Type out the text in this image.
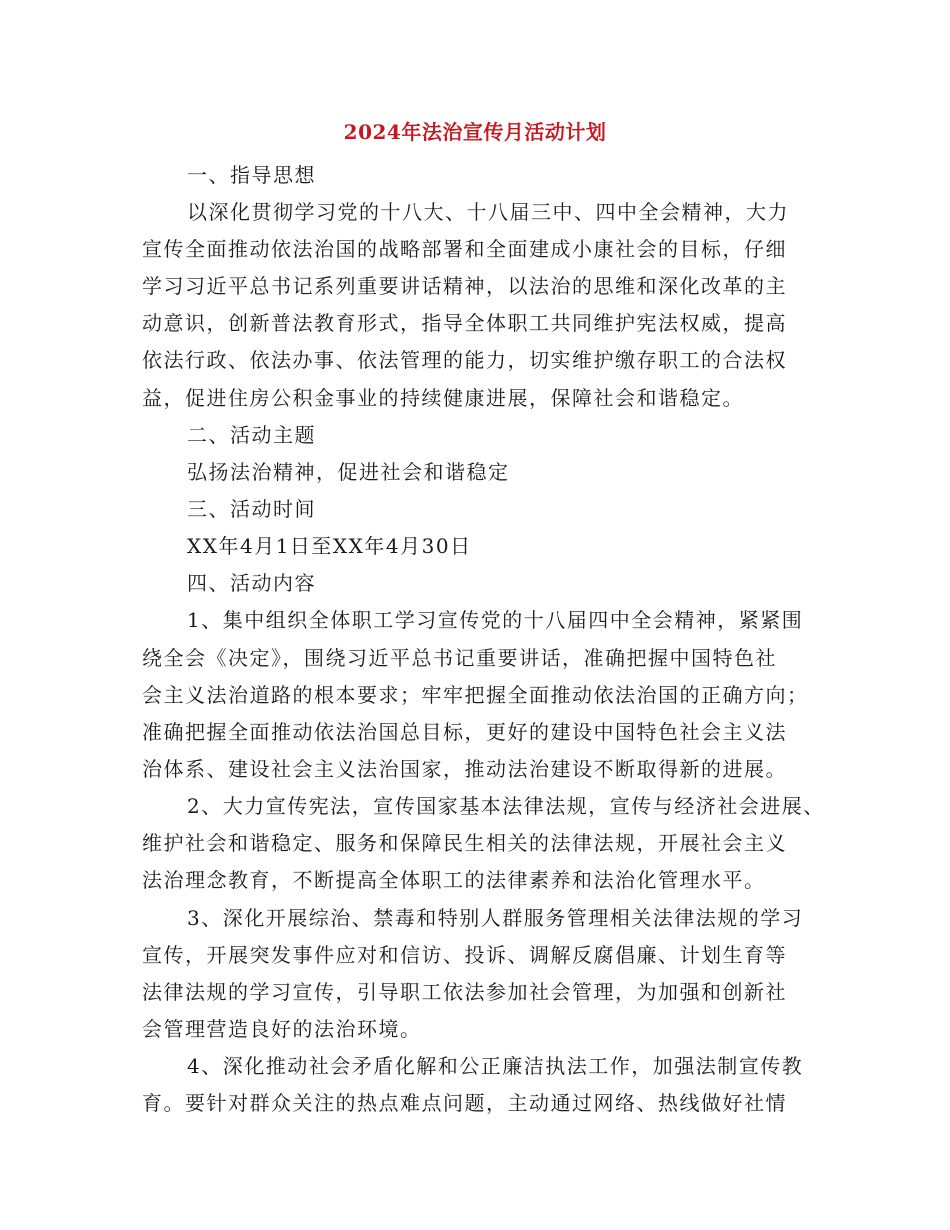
2024年法治宣传月活动计划
一、指导思想
以深化贯彻学习党的十八大、十八届三中、四中全会精神，大力
宣传全面推动依法治国的战略部署和全面建成小康社会的目标，仔细
学习习近平总书记系列重要讲话精神，以法治的思维和深化改革的主
动意识，创新普法教育形式，指导全体职工共同维护宪法权威，提高
依法行政、依法办事、依法管理的能力，切实维护缴存职工的合法权
益，促进住房公积金事业的持续健康进展，保障社会和谐稳定。
二、活动主题
弘扬法治精神，促进社会和谐稳定
三、活动时间
XX年4月1日至XX年4月30日
四、活动内容
1、集中组织全体职工学习宣传党的十八届四中全会精神，紧紧围
绕全会《决定》，围绕习近平总书记重要讲话，准确把握中国特色社
会主义法治道路的根本要求；牢牢把握全面推动依法治国的正确方向；
准确把握全面推动依法治国总目标，更好的建设中国特色社会主义法
治体系、建设社会主义法治国家，推动法治建设不断取得新的进展。
2、大力宣传宪法，宣传国家基本法律法规，宣传与经济社会进展、
维护社会和谐稳定、服务和保障民生相关的法律法规，开展社会主义
法治理念教育，不断提高全体职工的法律素养和法治化管理水平。
3、深化开展综治、禁毒和特别人群服务管理相关法律法规的学习
宣传，开展突发事件应对和信访、投诉、调解反腐倡廉、计划生育等
法律法规的学习宣传，引导职工依法参加社会管理，为加强和创新社
会管理营造良好的法治环境。
4、深化推动社会矛盾化解和公正廉洁执法工作，加强法制宣传教
育。要针对群众关注的热点难点问题，主动通过网络、热线做好社情
